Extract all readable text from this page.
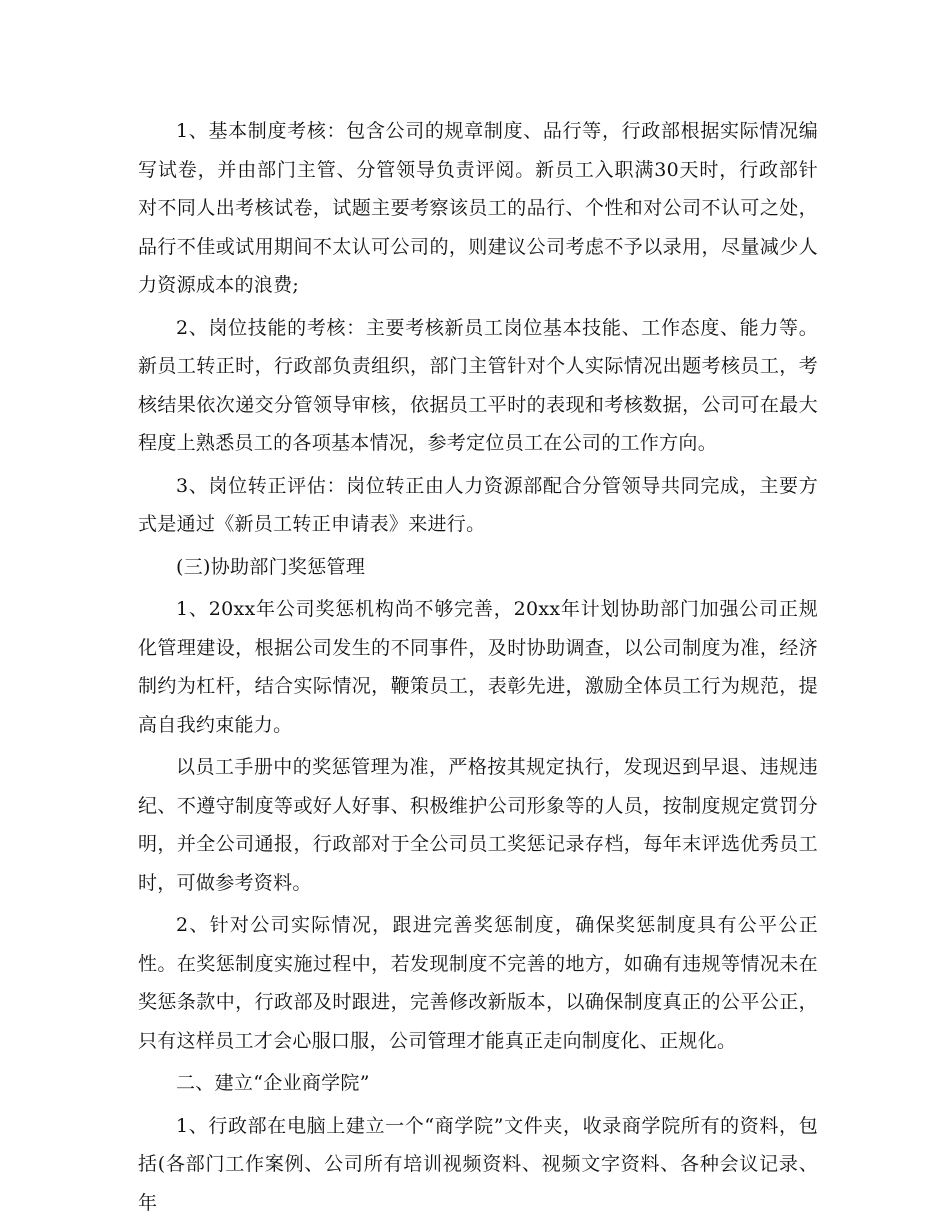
1、基本制度考核：包含公司的规章制度、品行等，行政部根据实际情况编写试卷，并由部门主管、分管领导负责评阅。新员工入职满30天时，行政部针对不同人出考核试卷，试题主要考察该员工的品行、个性和对公司不认可之处，品行不佳或试用期间不太认可公司的，则建议公司考虑不予以录用，尽量减少人力资源成本的浪费;

2、岗位技能的考核：主要考核新员工岗位基本技能、工作态度、能力等。新员工转正时，行政部负责组织，部门主管针对个人实际情况出题考核员工，考核结果依次递交分管领导审核，依据员工平时的表现和考核数据，公司可在最大程度上熟悉员工的各项基本情况，参考定位员工在公司的工作方向。

3、岗位转正评估：岗位转正由人力资源部配合分管领导共同完成，主要方式是通过《新员工转正申请表》来进行。

(三)协助部门奖惩管理

1、20xx年公司奖惩机构尚不够完善，20xx年计划协助部门加强公司正规化管理建设，根据公司发生的不同事件，及时协助调查，以公司制度为准，经济制约为杠杆，结合实际情况，鞭策员工，表彰先进，激励全体员工行为规范，提高自我约束能力。

以员工手册中的奖惩管理为准，严格按其规定执行，发现迟到早退、违规违纪、不遵守制度等或好人好事、积极维护公司形象等的人员，按制度规定赏罚分明，并全公司通报，行政部对于全公司员工奖惩记录存档，每年末评选优秀员工时，可做参考资料。

2、针对公司实际情况，跟进完善奖惩制度，确保奖惩制度具有公平公正性。在奖惩制度实施过程中，若发现制度不完善的地方，如确有违规等情况未在奖惩条款中，行政部及时跟进，完善修改新版本，以确保制度真正的公平公正，只有这样员工才会心服口服，公司管理才能真正走向制度化、正规化。

二、建立“企业商学院”

1、行政部在电脑上建立一个“商学院”文件夹，收录商学院所有的资料，包括(各部门工作案例、公司所有培训视频资料、视频文字资料、各种会议记录、年
